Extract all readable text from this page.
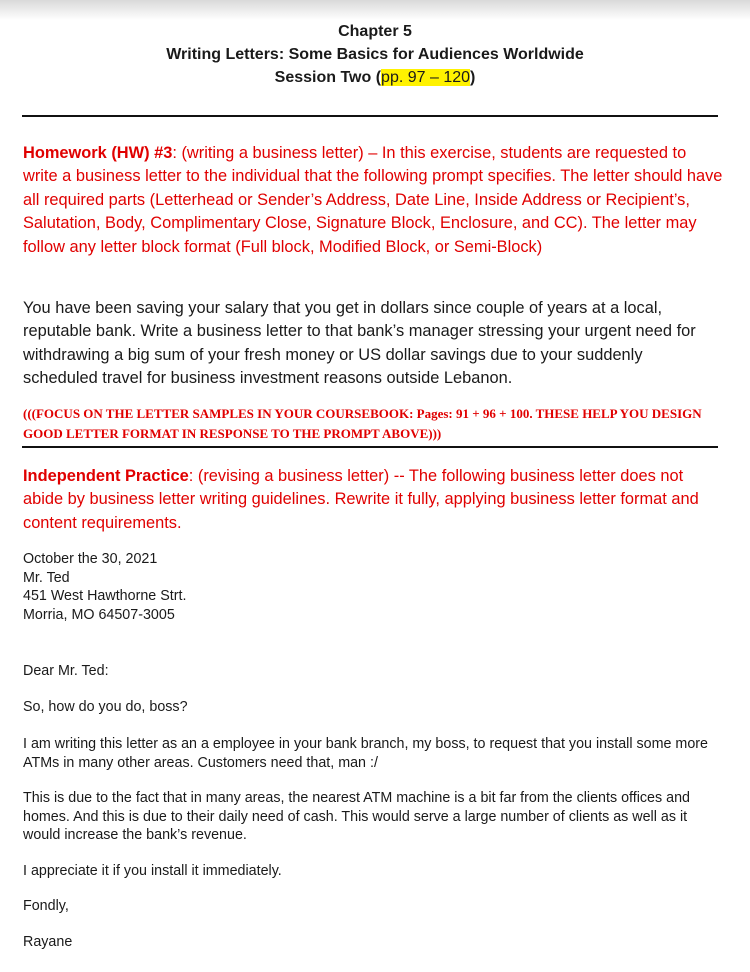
Chapter 5
Writing Letters: Some Basics for Audiences Worldwide
Session Two (pp. 97 – 120)

Homework (HW) #3: (writing a business letter) – In this exercise, students are requested to write a business letter to the individual that the following prompt specifies. The letter should have all required parts (Letterhead or Sender’s Address, Date Line, Inside Address or Recipient’s, Salutation, Body, Complimentary Close, Signature Block, Enclosure, and CC). The letter may follow any letter block format (Full block, Modified Block, or Semi-Block)

You have been saving your salary that you get in dollars since couple of years at a local, reputable bank. Write a business letter to that bank’s manager stressing your urgent need for withdrawing a big sum of your fresh money or US dollar savings due to your suddenly scheduled travel for business investment reasons outside Lebanon.

(((FOCUS ON THE LETTER SAMPLES IN YOUR COURSEBOOK: Pages: 91 + 96 + 100. THESE HELP YOU DESIGN GOOD LETTER FORMAT IN RESPONSE TO THE PROMPT ABOVE)))

Independent Practice: (revising a business letter) -- The following business letter does not abide by business letter writing guidelines. Rewrite it fully, applying business letter format and content requirements.

October the 30, 2021
Mr. Ted
451 West Hawthorne Strt.
Morria, MO 64507-3005

Dear Mr. Ted:

So, how do you do, boss?

I am writing this letter as an a employee in your bank branch, my boss, to request that you install some more ATMs in many other areas. Customers need that, man :/

This is due to the fact that in many areas, the nearest ATM machine is a bit far from the clients offices and homes. And this is due to their daily need of cash. This would serve a large number of clients as well as it would increase the bank’s revenue.

I appreciate it if you install it immediately.

Fondly,

Rayane
